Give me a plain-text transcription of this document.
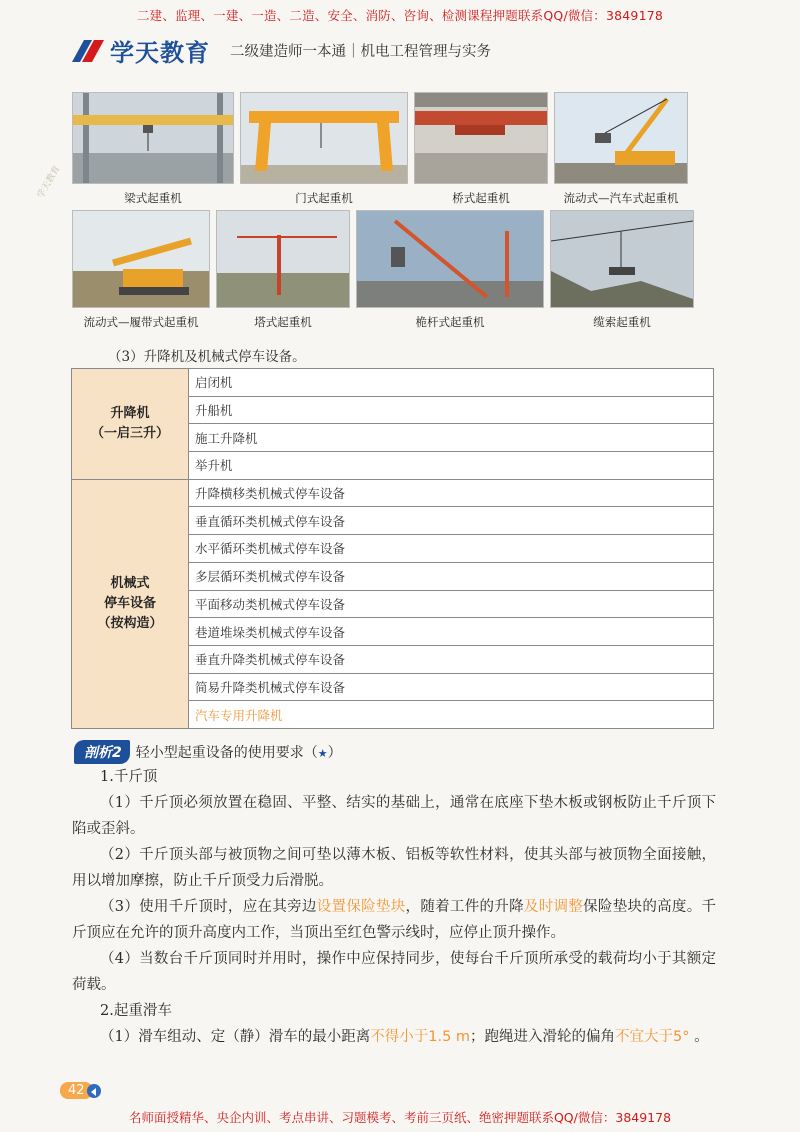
二建、监理、一建、一造、二造、安全、消防、咨询、检测课程押题联系QQ/微信：3849178
学天教育 二级建造师一本通｜机电工程管理与实务
学天教育	梁式起重机	门式起重机	桥式起重机	流动式—汽车式起重机
流动式—履带式起重机	塔式起重机	桅杆式起重机	缆索起重机
（3）升降机及机械式停车设备。
升降机
（一启三升）	启闭机
	升船机
	施工升降机
	举升机
机械式
停车设备
（按构造）	升降横移类机械式停车设备
	垂直循环类机械式停车设备
	水平循环类机械式停车设备
	多层循环类机械式停车设备
	平面移动类机械式停车设备
	巷道堆垛类机械式停车设备
	垂直升降类机械式停车设备
	简易升降类机械式停车设备
	汽车专用升降机
剖析2	轻小型起重设备的使用要求（★）
1.千斤顶
（1）千斤顶必须放置在稳固、平整、结实的基础上，通常在底座下垫木板或钢板防止千斤顶下陷或歪斜。
（2）千斤顶头部与被顶物之间可垫以薄木板、铝板等软性材料，使其头部与被顶物全面接触，用以增加摩擦，防止千斤顶受力后滑脱。
（3）使用千斤顶时，应在其旁边设置保险垫块，随着工件的升降及时调整保险垫块的高度。千斤顶应在允许的顶升高度内工作，当顶出至红色警示线时，应停止顶升操作。
（4）当数台千斤顶同时并用时，操作中应保持同步，使每台千斤顶所承受的载荷均小于其额定荷载。
2.起重滑车
（1）滑车组动、定（静）滑车的最小距离不得小于1.5 m；跑绳进入滑轮的偏角不宜大于5° 。
42
名师面授精华、央企内训、考点串讲、习题模考、考前三页纸、绝密押题联系QQ/微信：3849178
